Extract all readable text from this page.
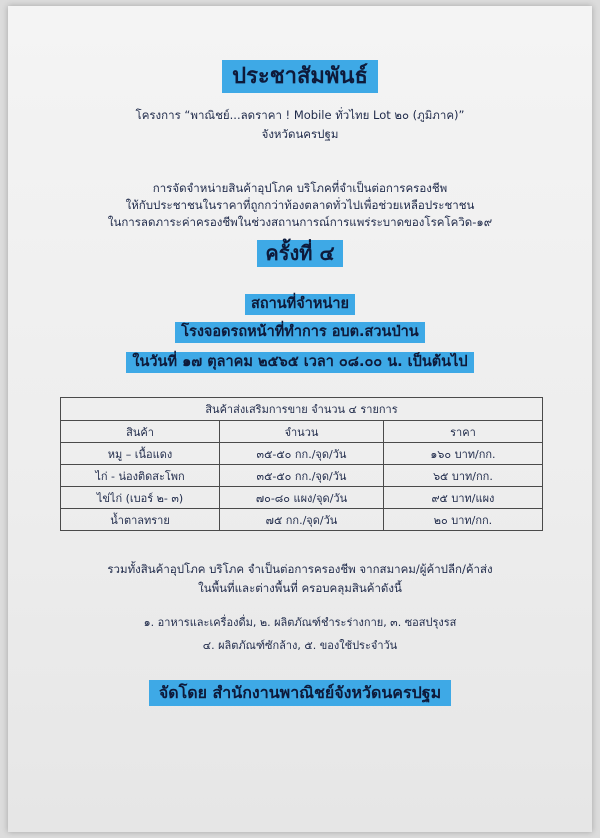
ประชาสัมพันธ์
โครงการ “พาณิชย์...ลดราคา ! Mobile ทั่วไทย Lot ๒๐ (ภูมิภาค)”
จังหวัดนครปฐม
การจัดจำหน่ายสินค้าอุปโภค บริโภคที่จำเป็นต่อการครองชีพ
ให้กับประชาชนในราคาที่ถูกกว่าท้องตลาดทั่วไปเพื่อช่วยเหลือประชาชน
ในการลดภาระค่าครองชีพในช่วงสถานการณ์การแพร่ระบาดของโรคโควิด-๑๙
ครั้งที่ ๔
สถานที่จำหน่าย
โรงจอดรถหน้าที่ทำการ อบต.สวนป่าน
ในวันที่ ๑๗ ตุลาคม ๒๕๖๕ เวลา ๐๘.๐๐ น. เป็นต้นไป
สินค้าส่งเสริมการขาย จำนวน ๔ รายการ		
สินค้า	จำนวน	ราคา
หมู – เนื้อแดง	๓๕-๕๐ กก./จุด/วัน	๑๖๐ บาท/กก.
ไก่ - น่องติดสะโพก	๓๕-๕๐ กก./จุด/วัน	๖๕ บาท/กก.
ไข่ไก่ (เบอร์ ๒- ๓)	๗๐-๘๐ แผง/จุด/วัน	๙๕ บาท/แผง
น้ำตาลทราย	๗๕ กก./จุด/วัน	๒๐ บาท/กก.
รวมทั้งสินค้าอุปโภค บริโภค จำเป็นต่อการครองชีพ จากสมาคม/ผู้ค้าปลีก/ค้าส่ง
ในพื้นที่และต่างพื้นที่ ครอบคลุมสินค้าดังนี้
๑. อาหารและเครื่องดื่ม, ๒. ผลิตภัณฑ์ชำระร่างกาย, ๓. ซอสปรุงรส
๔. ผลิตภัณฑ์ซักล้าง, ๕. ของใช้ประจำวัน
จัดโดย สำนักงานพาณิชย์จังหวัดนครปฐม
